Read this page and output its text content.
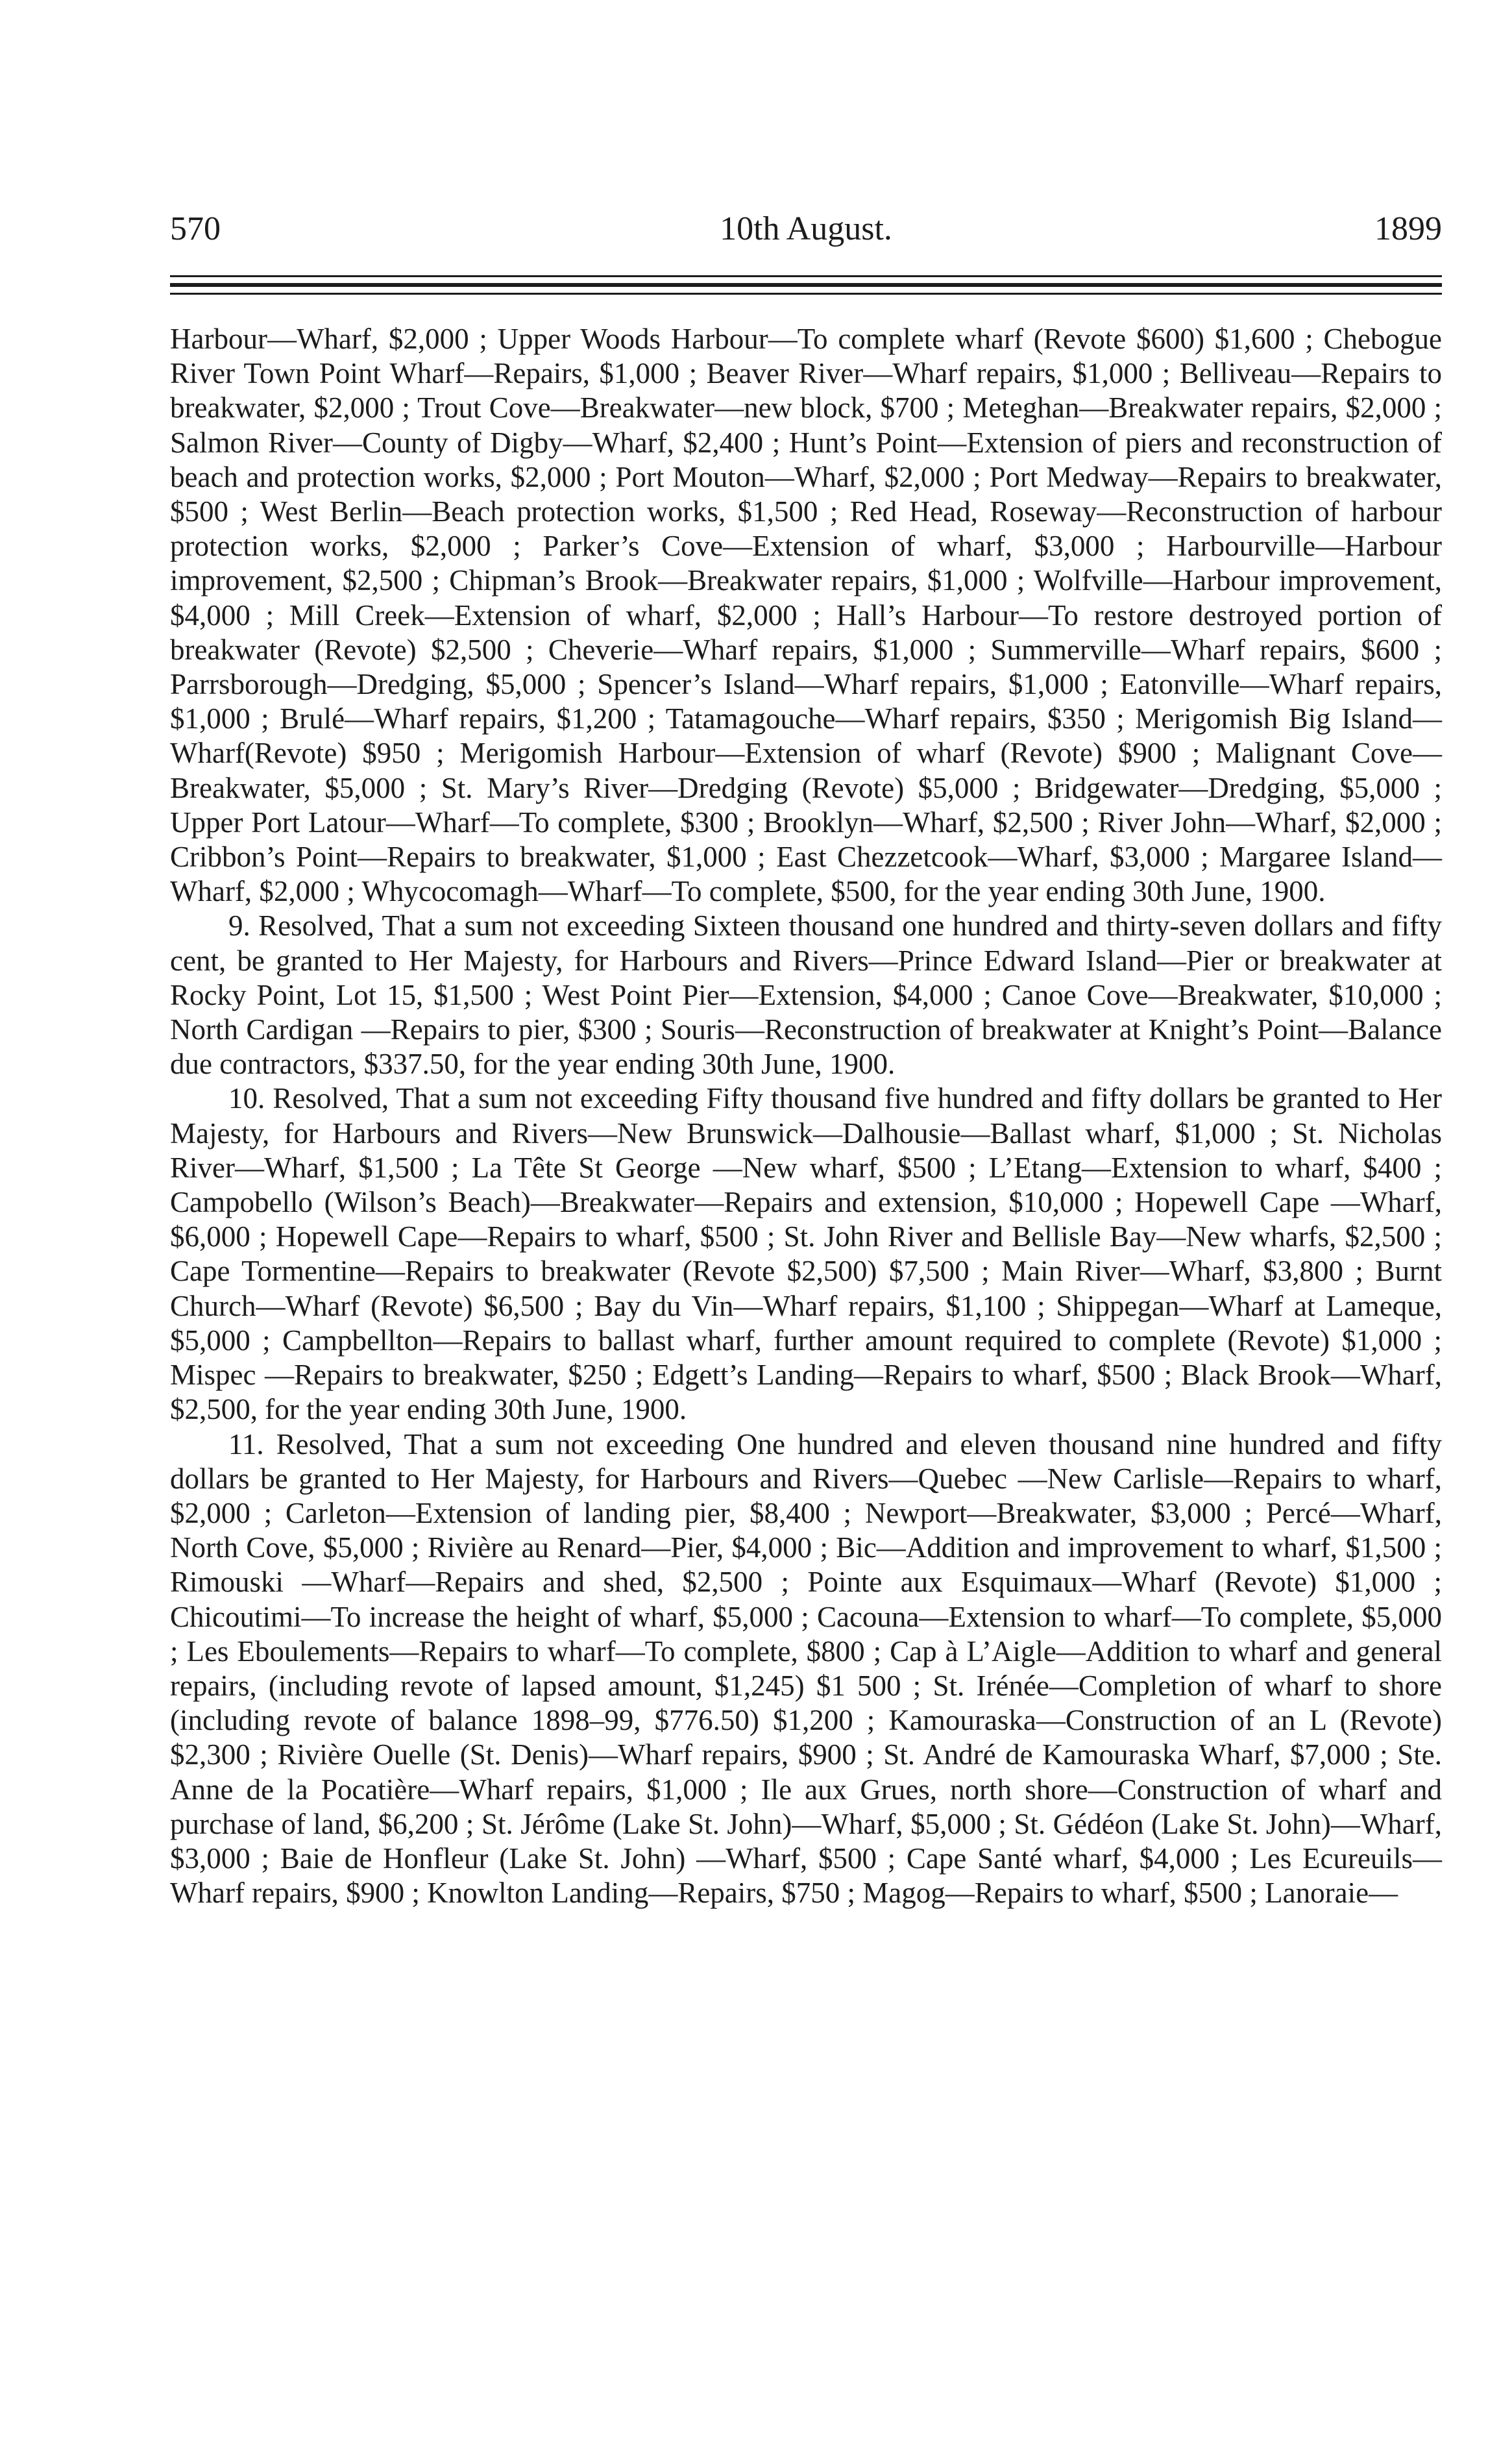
570	10th August.	1899

Harbour—Wharf, $2,000 ; Upper Woods Harbour—To complete wharf (Revote $600) $1,600 ; Chebogue River Town Point Wharf—Repairs, $1,000 ; Beaver River—Wharf repairs, $1,000 ; Belliveau—Repairs to breakwater, $2,000 ; Trout Cove—Breakwater—new block, $700 ; Meteghan—Breakwater repairs, $2,000 ; Salmon River—County of Digby—Wharf, $2,400 ; Hunt’s Point—Extension of piers and reconstruction of beach and protection works, $2,000 ; Port Mouton—Wharf, $2,000 ; Port Medway—Repairs to breakwater, $500 ; West Berlin—Beach protection works, $1,500 ; Red Head, Roseway—Reconstruction of harbour protection works, $2,000 ; Parker’s Cove—Extension of wharf, $3,000 ; Harbourville—Harbour improvement, $2,500 ; Chipman’s Brook—Breakwater repairs, $1,000 ; Wolfville—Harbour improvement, $4,000 ; Mill Creek—Extension of wharf, $2,000 ; Hall’s Harbour—To restore destroyed portion of breakwater (Revote) $2,500 ; Cheverie—Wharf repairs, $1,000 ; Summerville—Wharf repairs, $600 ; Parrsborough—Dredging, $5,000 ; Spencer’s Island—Wharf repairs, $1,000 ; Eatonville—Wharf repairs, $1,000 ; Brulé—Wharf repairs, $1,200 ; Tatamagouche—Wharf repairs, $350 ; Merigomish Big Island—Wharf(Revote) $950 ; Merigomish Harbour—Extension of wharf (Revote) $900 ; Malignant Cove—Breakwater, $5,000 ; St. Mary’s River—Dredging (Revote) $5,000 ; Bridgewater—Dredging, $5,000 ; Upper Port Latour—Wharf—To complete, $300 ; Brooklyn—Wharf, $2,500 ; River John—Wharf, $2,000 ; Cribbon’s Point—Repairs to breakwater, $1,000 ; East Chezzetcook—Wharf, $3,000 ; Margaree Island—Wharf, $2,000 ; Whycocomagh—Wharf—To complete, $500, for the year ending 30th June, 1900.

9. Resolved, That a sum not exceeding Sixteen thousand one hundred and thirty-seven dollars and fifty cent, be granted to Her Majesty, for Harbours and Rivers—Prince Edward Island—Pier or breakwater at Rocky Point, Lot 15, $1,500 ; West Point Pier—Extension, $4,000 ; Canoe Cove—Breakwater, $10,000 ; North Cardigan —Repairs to pier, $300 ; Souris—Reconstruction of breakwater at Knight’s Point—Balance due contractors, $337.50, for the year ending 30th June, 1900.

10. Resolved, That a sum not exceeding Fifty thousand five hundred and fifty dollars be granted to Her Majesty, for Harbours and Rivers—New Brunswick—Dalhousie—Ballast wharf, $1,000 ; St. Nicholas River—Wharf, $1,500 ; La Tête St George —New wharf, $500 ; L’Etang—Extension to wharf, $400 ; Campobello (Wilson’s Beach)—Breakwater—Repairs and extension, $10,000 ; Hopewell Cape —Wharf, $6,000 ; Hopewell Cape—Repairs to wharf, $500 ; St. John River and Bellisle Bay—New wharfs, $2,500 ; Cape Tormentine—Repairs to breakwater (Revote $2,500) $7,500 ; Main River—Wharf, $3,800 ; Burnt Church—Wharf (Revote) $6,500 ; Bay du Vin—Wharf repairs, $1,100 ; Shippegan—Wharf at Lameque, $5,000 ; Campbellton—Repairs to ballast wharf, further amount required to complete (Revote) $1,000 ; Mispec —Repairs to breakwater, $250 ; Edgett’s Landing—Repairs to wharf, $500 ; Black Brook—Wharf, $2,500, for the year ending 30th June, 1900.

11. Resolved, That a sum not exceeding One hundred and eleven thousand nine hundred and fifty dollars be granted to Her Majesty, for Harbours and Rivers—Quebec —New Carlisle—Repairs to wharf, $2,000 ; Carleton—Extension of landing pier, $8,400 ; Newport—Breakwater, $3,000 ; Percé—Wharf, North Cove, $5,000 ; Rivière au Renard—Pier, $4,000 ; Bic—Addition and improvement to wharf, $1,500 ; Rimouski —Wharf—Repairs and shed, $2,500 ; Pointe aux Esquimaux—Wharf (Revote) $1,000 ; Chicoutimi—To increase the height of wharf, $5,000 ; Cacouna—Extension to wharf—To complete, $5,000 ; Les Eboulements—Repairs to wharf—To complete, $800 ; Cap à L’Aigle—Addition to wharf and general repairs, (including revote of lapsed amount, $1,245) $1 500 ; St. Irénée—Completion of wharf to shore (including revote of balance 1898–99, $776.50) $1,200 ; Kamouraska—Construction of an L (Revote) $2,300 ; Rivière Ouelle (St. Denis)—Wharf repairs, $900 ; St. André de Kamouraska Wharf, $7,000 ; Ste. Anne de la Pocatière—Wharf repairs, $1,000 ; Ile aux Grues, north shore—Construction of wharf and purchase of land, $6,200 ; St. Jérôme (Lake St. John)—Wharf, $5,000 ; St. Gédéon (Lake St. John)—Wharf, $3,000 ; Baie de Honfleur (Lake St. John) —Wharf, $500 ; Cape Santé wharf, $4,000 ; Les Ecureuils—Wharf repairs, $900 ; Knowlton Landing—Repairs, $750 ; Magog—Repairs to wharf, $500 ; Lanoraie—
